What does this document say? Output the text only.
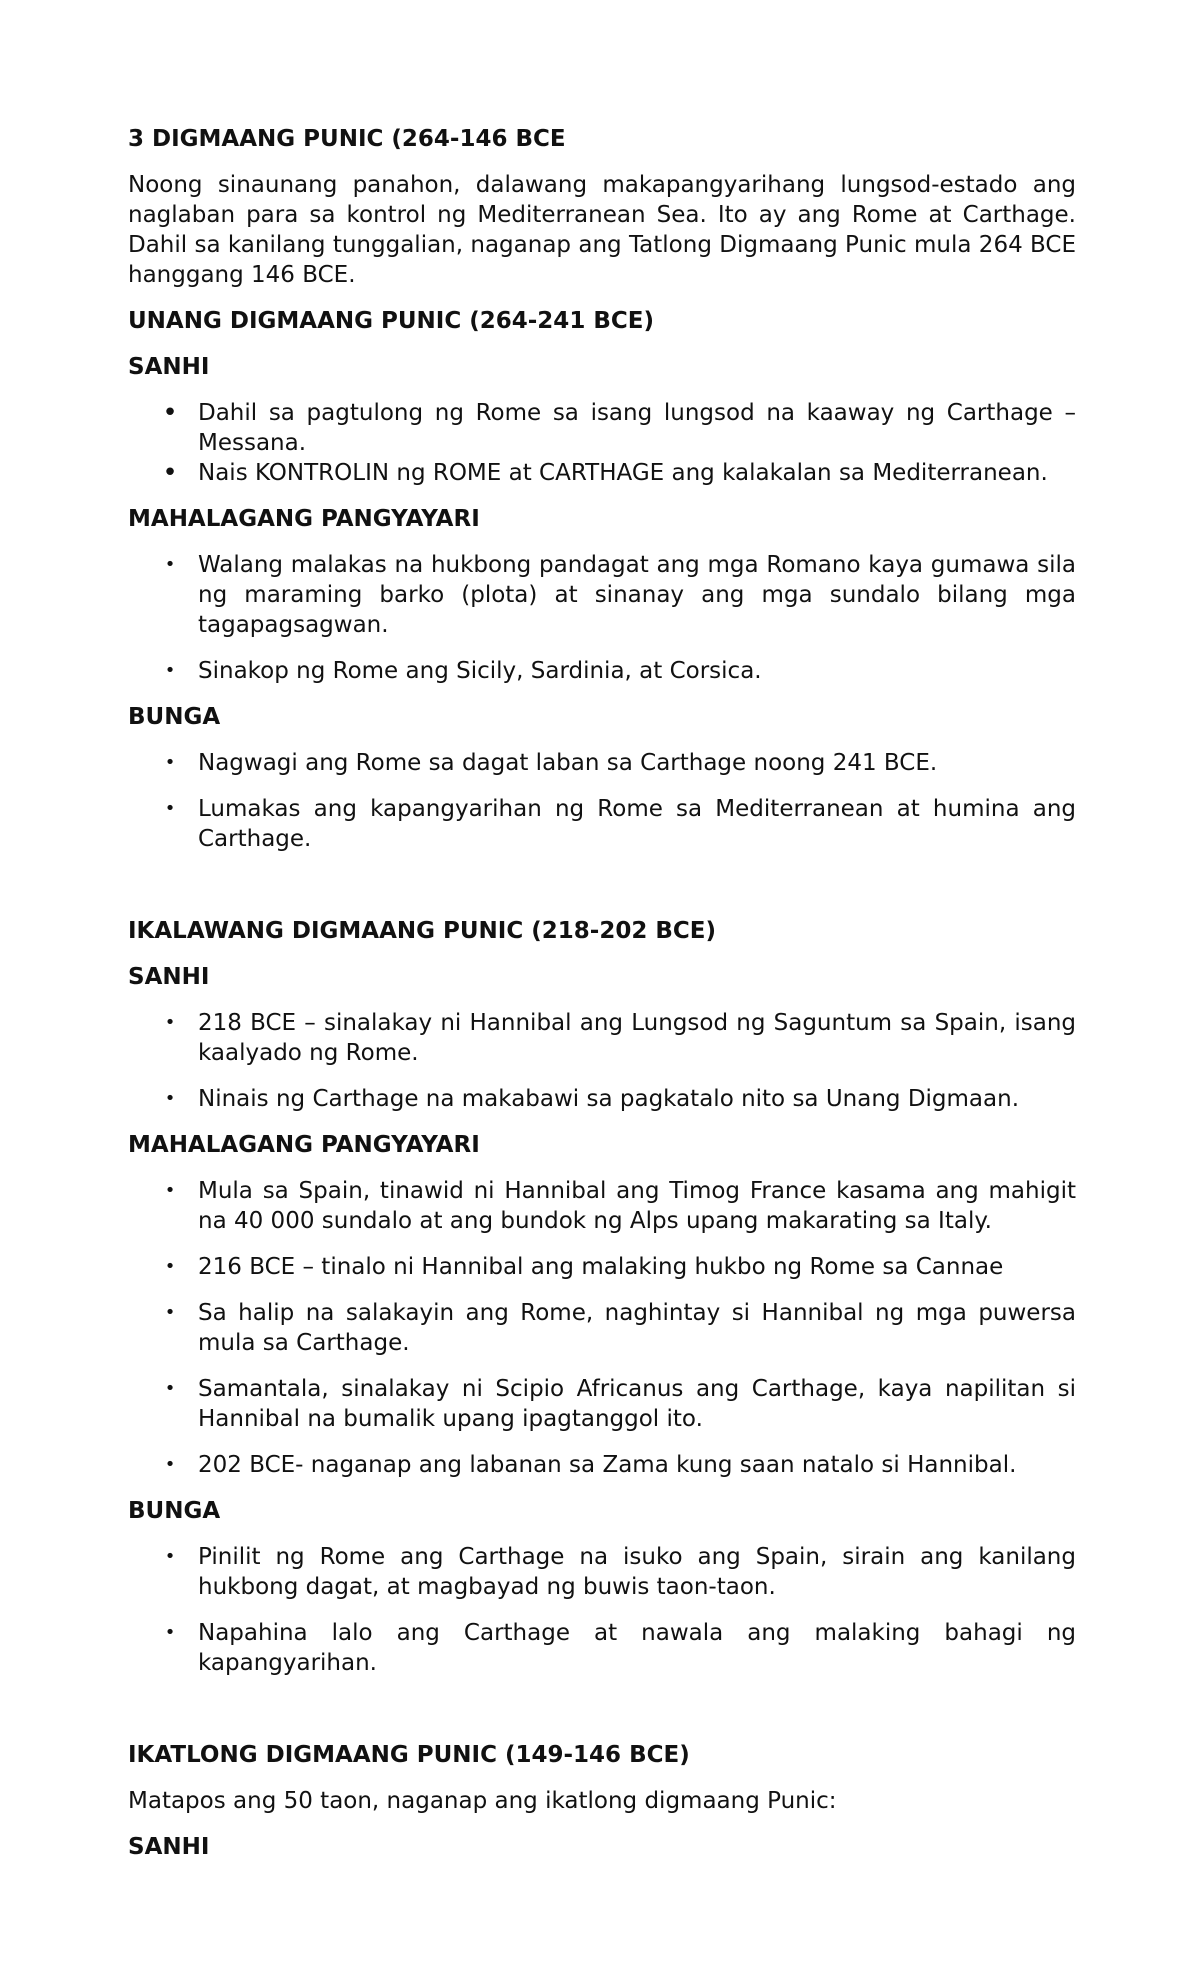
3 DIGMAANG PUNIC (264-146 BCE
Noong sinaunang panahon, dalawang makapangyarihang lungsod-estado ang naglaban para sa kontrol ng Mediterranean Sea. Ito ay ang Rome at Carthage. Dahil sa kanilang tunggalian, naganap ang Tatlong Digmaang Punic mula 264 BCE hanggang 146 BCE.
UNANG DIGMAANG PUNIC (264-241 BCE)
SANHI
• Dahil sa pagtulong ng Rome sa isang lungsod na kaaway ng Carthage – Messana.
• Nais KONTROLIN ng ROME at CARTHAGE ang kalakalan sa Mediterranean.
MAHALAGANG PANGYAYARI
• Walang malakas na hukbong pandagat ang mga Romano kaya gumawa sila ng maraming barko (plota) at sinanay ang mga sundalo bilang mga tagapagsagwan.
• Sinakop ng Rome ang Sicily, Sardinia, at Corsica.
BUNGA
• Nagwagi ang Rome sa dagat laban sa Carthage noong 241 BCE.
• Lumakas ang kapangyarihan ng Rome sa Mediterranean at humina ang Carthage.
IKALAWANG DIGMAANG PUNIC (218-202 BCE)
SANHI
• 218 BCE – sinalakay ni Hannibal ang Lungsod ng Saguntum sa Spain, isang kaalyado ng Rome.
• Ninais ng Carthage na makabawi sa pagkatalo nito sa Unang Digmaan.
MAHALAGANG PANGYAYARI
• Mula sa Spain, tinawid ni Hannibal ang Timog France kasama ang mahigit na 40 000 sundalo at ang bundok ng Alps upang makarating sa Italy.
• 216 BCE – tinalo ni Hannibal ang malaking hukbo ng Rome sa Cannae
• Sa halip na salakayin ang Rome, naghintay si Hannibal ng mga puwersa mula sa Carthage.
• Samantala, sinalakay ni Scipio Africanus ang Carthage, kaya napilitan si Hannibal na bumalik upang ipagtanggol ito.
• 202 BCE- naganap ang labanan sa Zama kung saan natalo si Hannibal.
BUNGA
• Pinilit ng Rome ang Carthage na isuko ang Spain, sirain ang kanilang hukbong dagat, at magbayad ng buwis taon-taon.
• Napahina lalo ang Carthage at nawala ang malaking bahagi ng kapangyarihan.
IKATLONG DIGMAANG PUNIC (149-146 BCE)
Matapos ang 50 taon, naganap ang ikatlong digmaang Punic:
SANHI
